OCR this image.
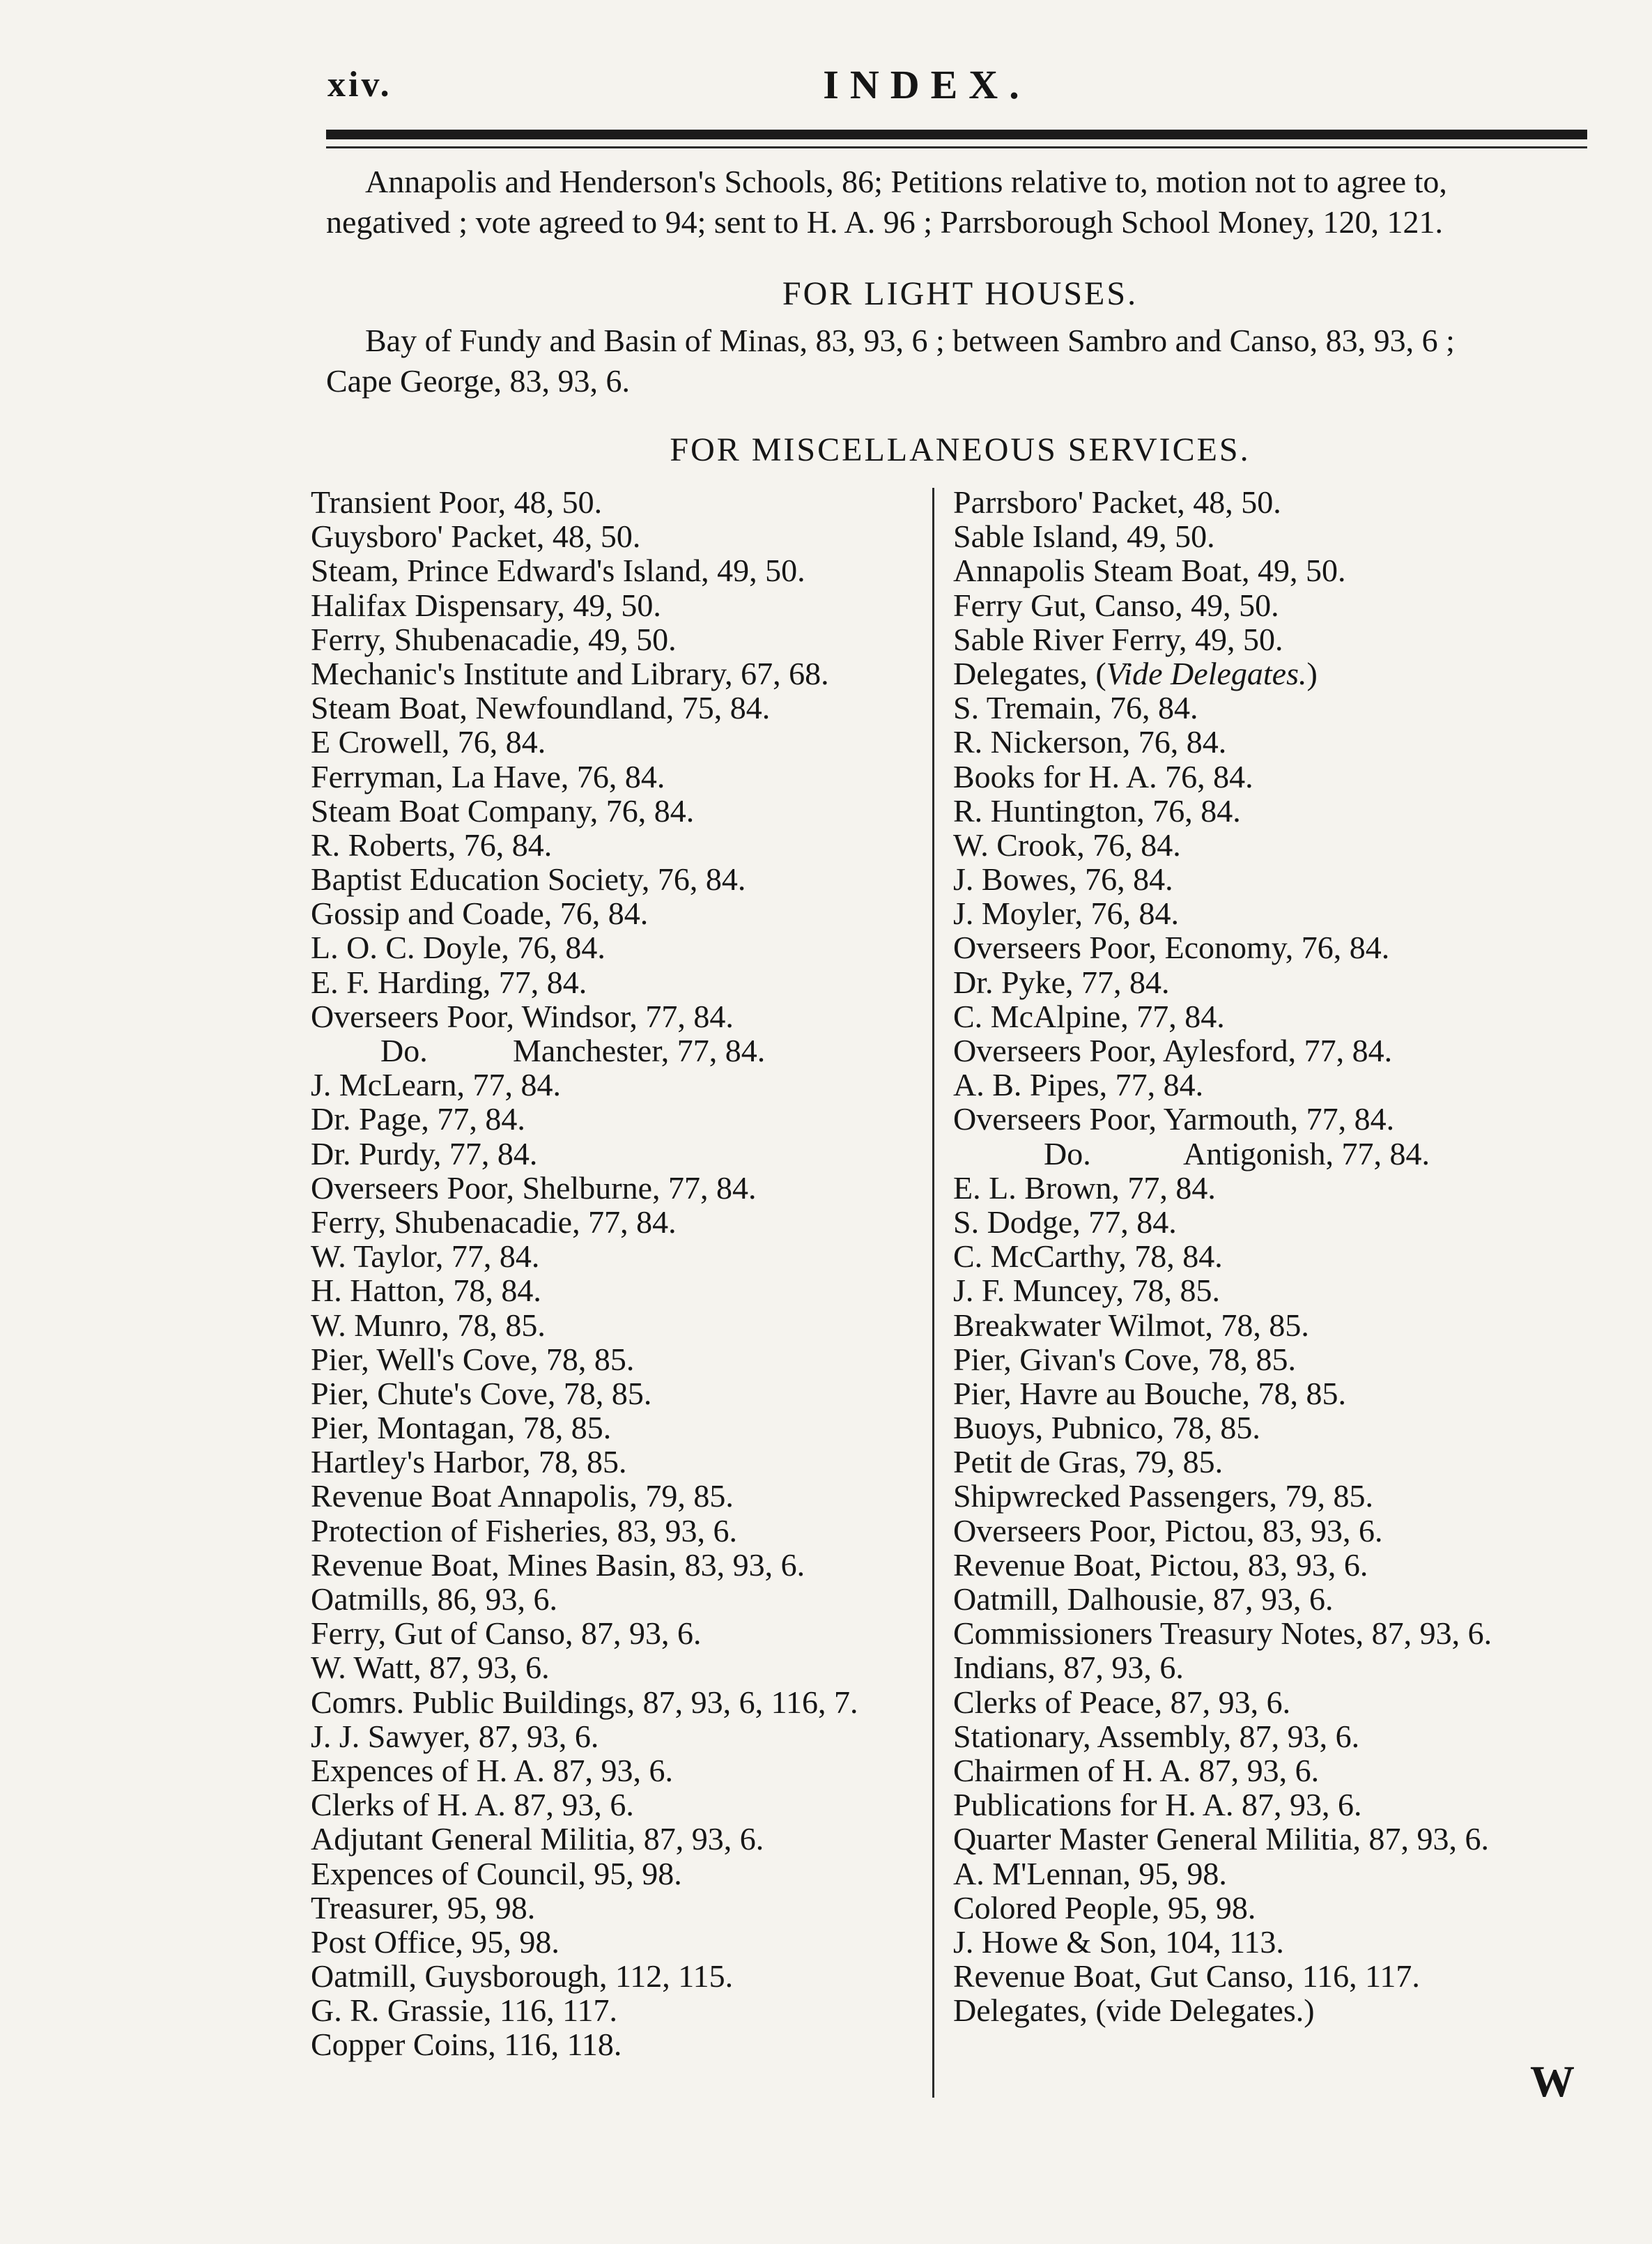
xiv.	INDEX.
Annapolis and Henderson's Schools, 86; Petitions relative to, motion not to agree to,
negatived ; vote agreed to 94; sent to H. A. 96 ; Parrsborough School Money, 120, 121.
FOR LIGHT HOUSES.
Bay of Fundy and Basin of Minas, 83, 93, 6 ; between Sambro and Canso, 83, 93, 6 ;
Cape George, 83, 93, 6.
FOR MISCELLANEOUS SERVICES.
Transient Poor, 48, 50.
Guysboro' Packet, 48, 50.
Steam, Prince Edward's Island, 49, 50.
Halifax Dispensary, 49, 50.
Ferry, Shubenacadie, 49, 50.
Mechanic's Institute and Library, 67, 68.
Steam Boat, Newfoundland, 75, 84.
E Crowell, 76, 84.
Ferryman, La Have, 76, 84.
Steam Boat Company, 76, 84.
R. Roberts, 76, 84.
Baptist Education Society, 76, 84.
Gossip and Coade, 76, 84.
L. O. C. Doyle, 76, 84.
E. F. Harding, 77, 84.
Overseers Poor, Windsor, 77, 84.
Do.	Manchester, 77, 84.
J. McLearn, 77, 84.
Dr. Page, 77, 84.
Dr. Purdy, 77, 84.
Overseers Poor, Shelburne, 77, 84.
Ferry, Shubenacadie, 77, 84.
W. Taylor, 77, 84.
H. Hatton, 78, 84.
W. Munro, 78, 85.
Pier, Well's Cove, 78, 85.
Pier, Chute's Cove, 78, 85.
Pier, Montagan, 78, 85.
Hartley's Harbor, 78, 85.
Revenue Boat Annapolis, 79, 85.
Protection of Fisheries, 83, 93, 6.
Revenue Boat, Mines Basin, 83, 93, 6.
Oatmills, 86, 93, 6.
Ferry, Gut of Canso, 87, 93, 6.
W. Watt, 87, 93, 6.
Comrs. Public Buildings, 87, 93, 6, 116, 7.
J. J. Sawyer, 87, 93, 6.
Expences of H. A. 87, 93, 6.
Clerks of H. A. 87, 93, 6.
Adjutant General Militia, 87, 93, 6.
Expences of Council, 95, 98.
Treasurer, 95, 98.
Post Office, 95, 98.
Oatmill, Guysborough, 112, 115.
G. R. Grassie, 116, 117.
Copper Coins, 116, 118.
Parrsboro' Packet, 48, 50.
Sable Island, 49, 50.
Annapolis Steam Boat, 49, 50.
Ferry Gut, Canso, 49, 50.
Sable River Ferry, 49, 50.
Delegates, (Vide Delegates.)
S. Tremain, 76, 84.
R. Nickerson, 76, 84.
Books for H. A. 76, 84.
R. Huntington, 76, 84.
W. Crook, 76, 84.
J. Bowes, 76, 84.
J. Moyler, 76, 84.
Overseers Poor, Economy, 76, 84.
Dr. Pyke, 77, 84.
C. McAlpine, 77, 84.
Overseers Poor, Aylesford, 77, 84.
A. B. Pipes, 77, 84.
Overseers Poor, Yarmouth, 77, 84.
Do.	Antigonish, 77, 84.
E. L. Brown, 77, 84.
S. Dodge, 77, 84.
C. McCarthy, 78, 84.
J. F. Muncey, 78, 85.
Breakwater Wilmot, 78, 85.
Pier, Givan's Cove, 78, 85.
Pier, Havre au Bouche, 78, 85.
Buoys, Pubnico, 78, 85.
Petit de Gras, 79, 85.
Shipwrecked Passengers, 79, 85.
Overseers Poor, Pictou, 83, 93, 6.
Revenue Boat, Pictou, 83, 93, 6.
Oatmill, Dalhousie, 87, 93, 6.
Commissioners Treasury Notes, 87, 93, 6.
Indians, 87, 93, 6.
Clerks of Peace, 87, 93, 6.
Stationary, Assembly, 87, 93, 6.
Chairmen of H. A. 87, 93, 6.
Publications for H. A. 87, 93, 6.
Quarter Master General Militia, 87, 93, 6.
A. M'Lennan, 95, 98.
Colored People, 95, 98.
J. Howe & Son, 104, 113.
Revenue Boat, Gut Canso, 116, 117.
Delegates, (vide Delegates.)
W
